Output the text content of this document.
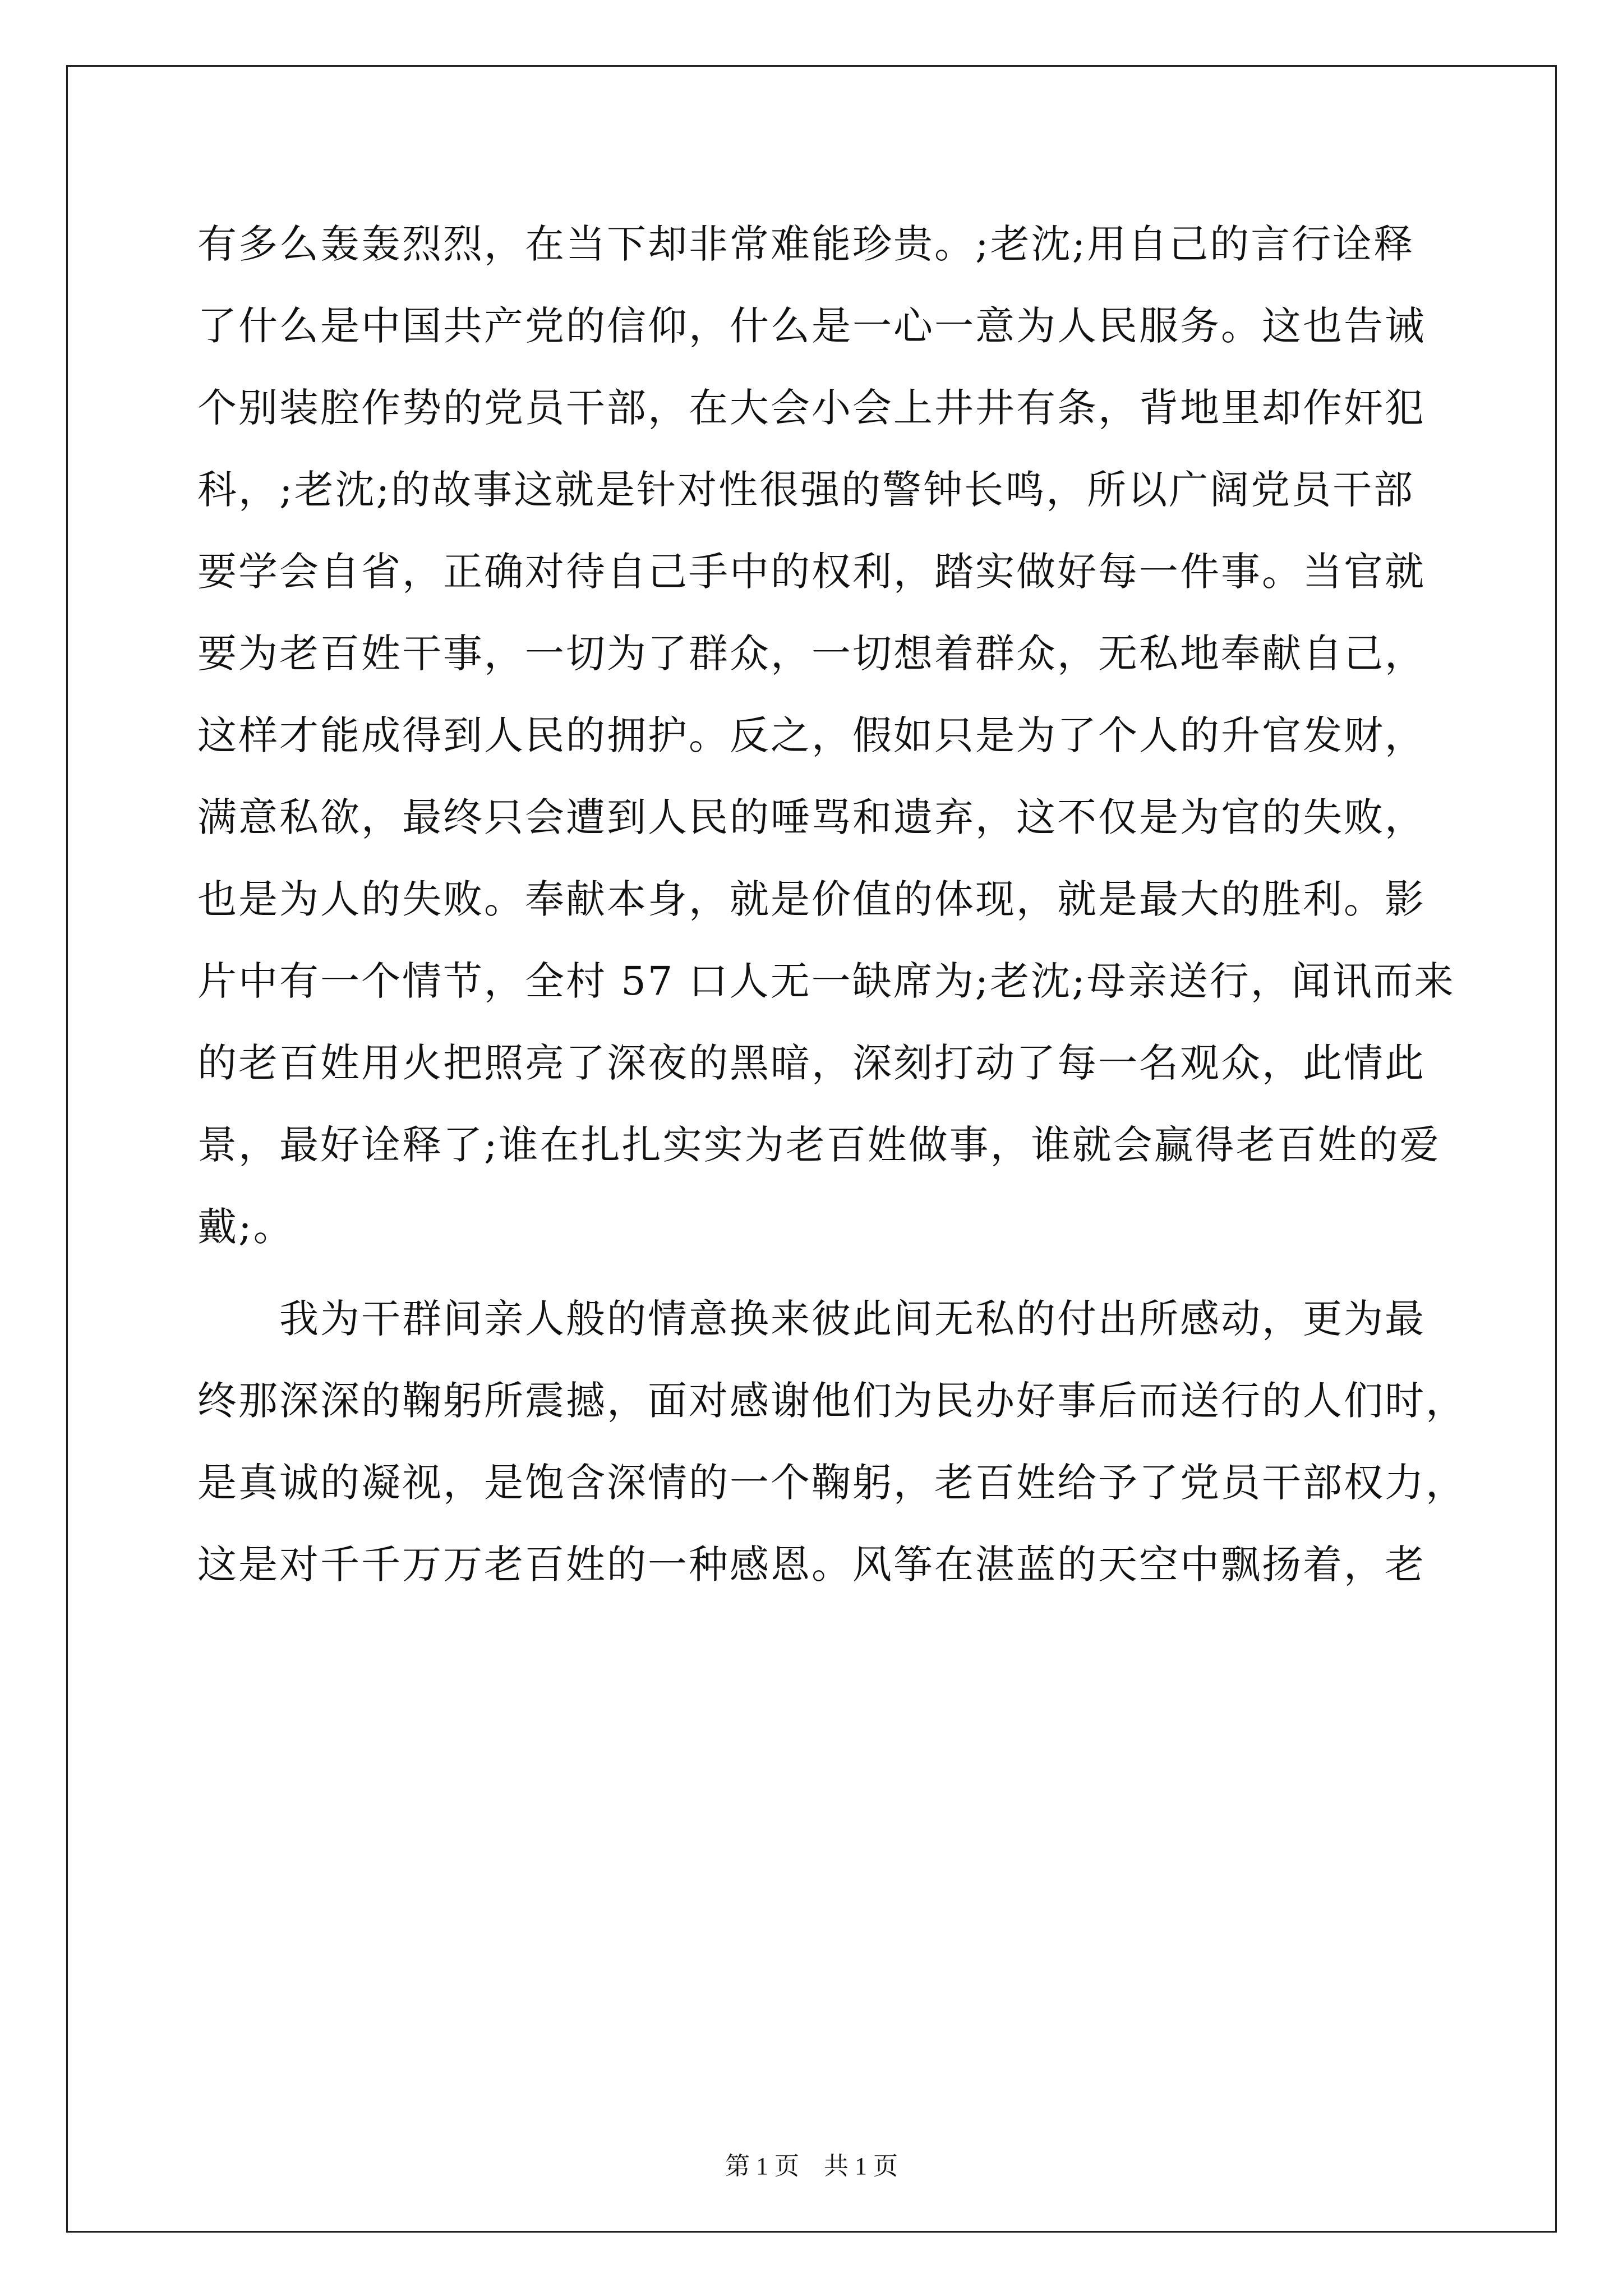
有多么轰轰烈烈，在当下却非常难能珍贵。;老沈;用自己的言行诠释
了什么是中国共产党的信仰，什么是一心一意为人民服务。这也告诫
个别装腔作势的党员干部，在大会小会上井井有条，背地里却作奸犯
科，;老沈;的故事这就是针对性很强的警钟长鸣，所以广阔党员干部
要学会自省，正确对待自己手中的权利，踏实做好每一件事。当官就
要为老百姓干事，一切为了群众，一切想着群众，无私地奉献自己，
这样才能成得到人民的拥护。反之，假如只是为了个人的升官发财，
满意私欲，最终只会遭到人民的唾骂和遗弃，这不仅是为官的失败，
也是为人的失败。奉献本身，就是价值的体现，就是最大的胜利。影
片中有一个情节，全村 57 口人无一缺席为;老沈;母亲送行，闻讯而来
的老百姓用火把照亮了深夜的黑暗，深刻打动了每一名观众，此情此
景，最好诠释了;谁在扎扎实实为老百姓做事，谁就会赢得老百姓的爱
戴;。
我为干群间亲人般的情意换来彼此间无私的付出所感动，更为最
终那深深的鞠躬所震撼，面对感谢他们为民办好事后而送行的人们时，
是真诚的凝视，是饱含深情的一个鞠躬，老百姓给予了党员干部权力，
这是对千千万万老百姓的一种感恩。风筝在湛蓝的天空中飘扬着，老
第 1 页　共 1 页
